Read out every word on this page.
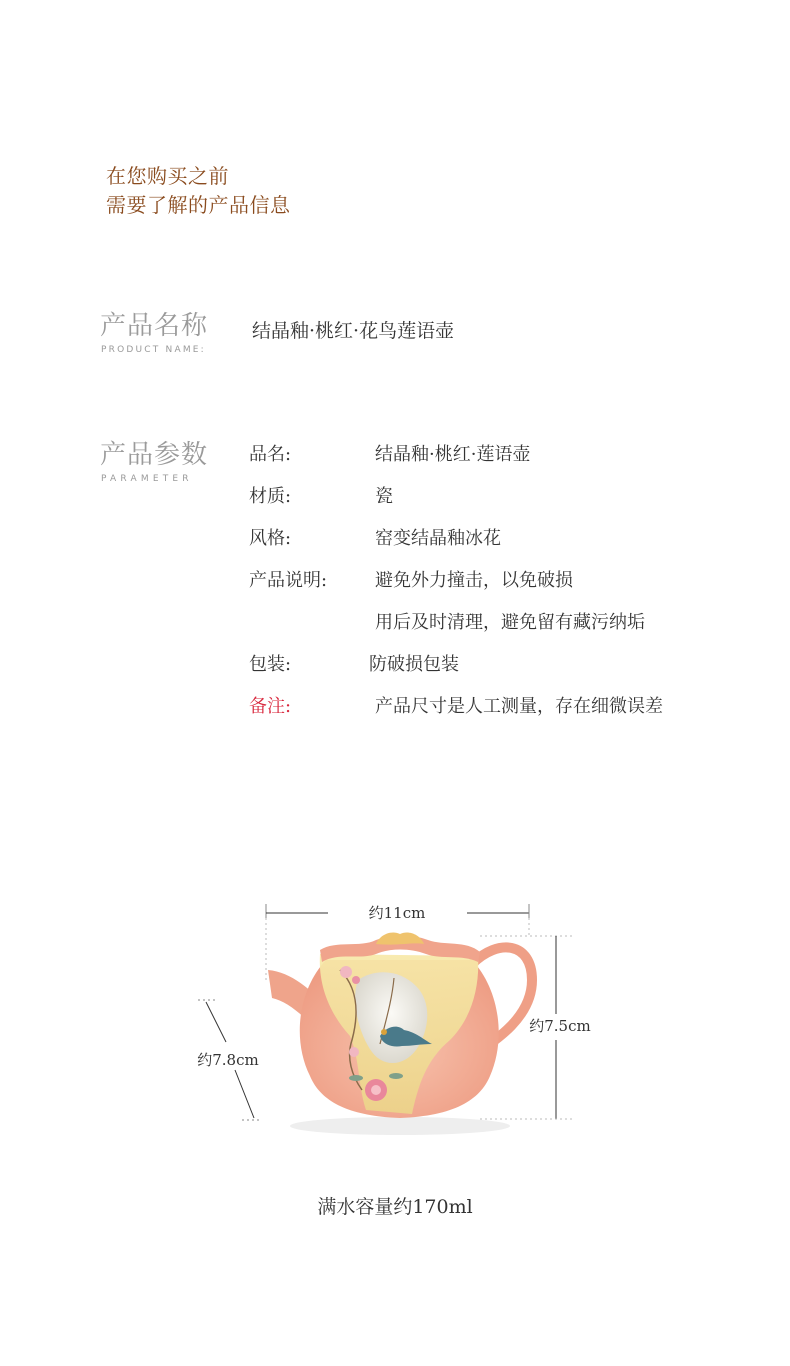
在您购买之前
需要了解的产品信息
产品名称
PRODUCT NAME:
结晶釉·桃红·花鸟莲语壶
产品参数
PARAMETER
品名:	结晶釉·桃红·莲语壶
材质:	瓷
风格:	窑变结晶釉冰花
产品说明:	避免外力撞击，以免破损
用后及时清理，避免留有藏污纳垢
包装:	防破损包装
备注:	产品尺寸是人工测量，存在细微误差
约11cm
约7.5cm
约7.8cm
满水容量约170ml
